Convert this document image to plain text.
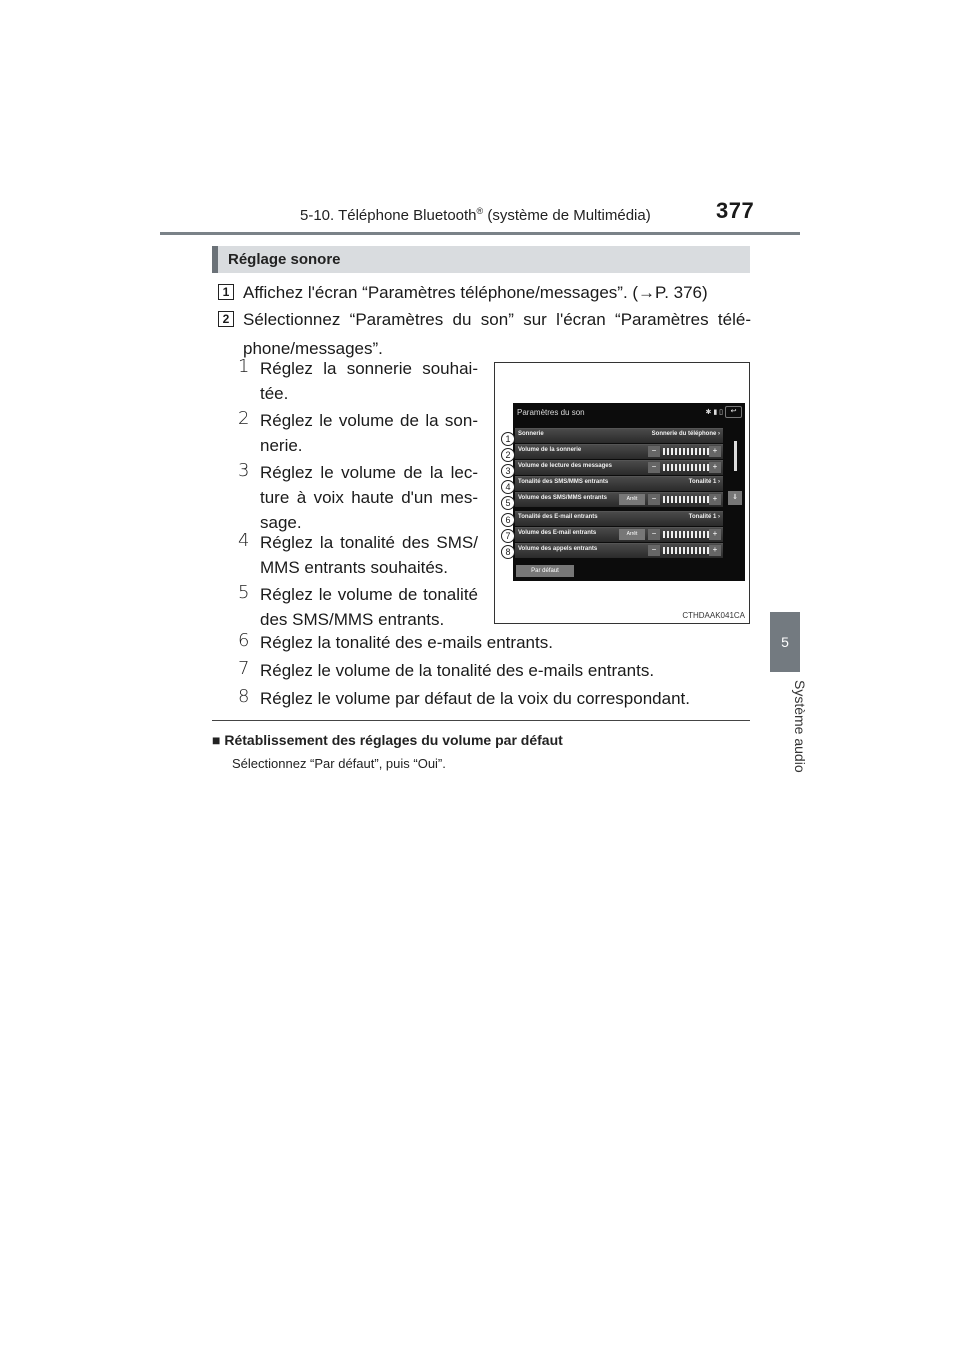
5-10. Téléphone Bluetooth® (système de Multimédia)	377
5
Système audio
Réglage sonore
1 Affichez l'écran “Paramètres téléphone/messages”. (→P. 376)
2 Sélectionnez “Paramètres du son” sur l'écran “Paramètres télé-phone/messages”.
1 Réglez la sonnerie souhai-tée.
2 Réglez le volume de la son-nerie.
3 Réglez le volume de la lec-ture à voix haute d'un mes-sage.
4 Réglez la tonalité des SMS/ MMS entrants souhaités.
5 Réglez le volume de tonalité des SMS/MMS entrants.
6 Réglez la tonalité des e-mails entrants.
7 Réglez le volume de la tonalité des e-mails entrants.
8 Réglez le volume par défaut de la voix du correspondant.
Paramètres du son	✱ ▮ ▯	↩
Sonnerie	Sonnerie du téléphone ›
Volume de la sonnerie	−	+
Volume de lecture des messages	−	+
Tonalité des SMS/MMS entrants	Tonalité 1 ›
Volume des SMS/MMS entrants	Arrêt	−	+
Tonalité des E-mail entrants	Tonalité 1 ›
Volume des E-mail entrants	Arrêt	−	+
Volume des appels entrants	−	+
⇓
Par défaut
1
2
3
4
5
6
7
8
CTHDAAK041CA
■ Rétablissement des réglages du volume par défaut
Sélectionnez “Par défaut”, puis “Oui”.
